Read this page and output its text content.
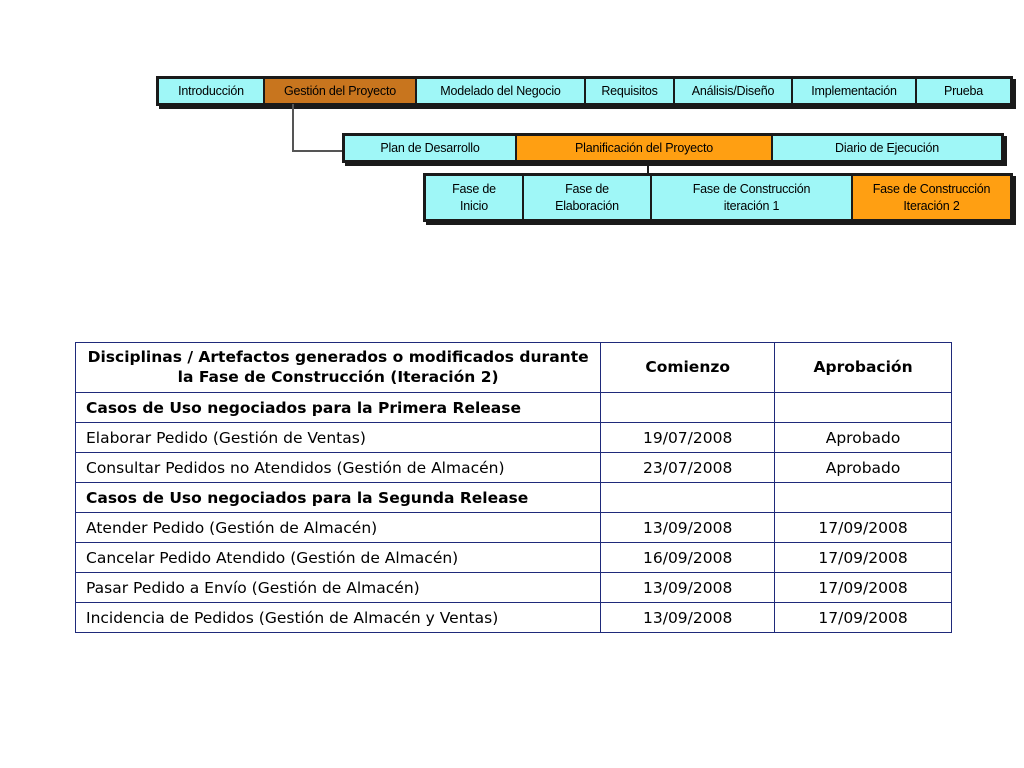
Introducción	Gestión del Proyecto	Modelado del Negocio	Requisitos	Análisis/Diseño	Implementación	Prueba
Plan de Desarrollo	Planificación del Proyecto	Diario de Ejecución
Fase de
Inicio
Fase de
Elaboración
Fase de Construcción
iteración 1
Fase de Construcción
Iteración 2
Disciplinas / Artefactos generados o modificados durante la Fase de Construcción (Iteración 2)	Comienzo	Aprobación
Casos de Uso negociados para la Primera Release		
Elaborar Pedido (Gestión de Ventas)	19/07/2008	Aprobado
Consultar Pedidos no Atendidos (Gestión de Almacén)	23/07/2008	Aprobado
Casos de Uso negociados para la Segunda Release		
Atender Pedido (Gestión de Almacén)	13/09/2008	17/09/2008
Cancelar Pedido Atendido (Gestión de Almacén)	16/09/2008	17/09/2008
Pasar Pedido a Envío (Gestión de Almacén)	13/09/2008	17/09/2008
Incidencia de Pedidos (Gestión de Almacén y Ventas)	13/09/2008	17/09/2008
